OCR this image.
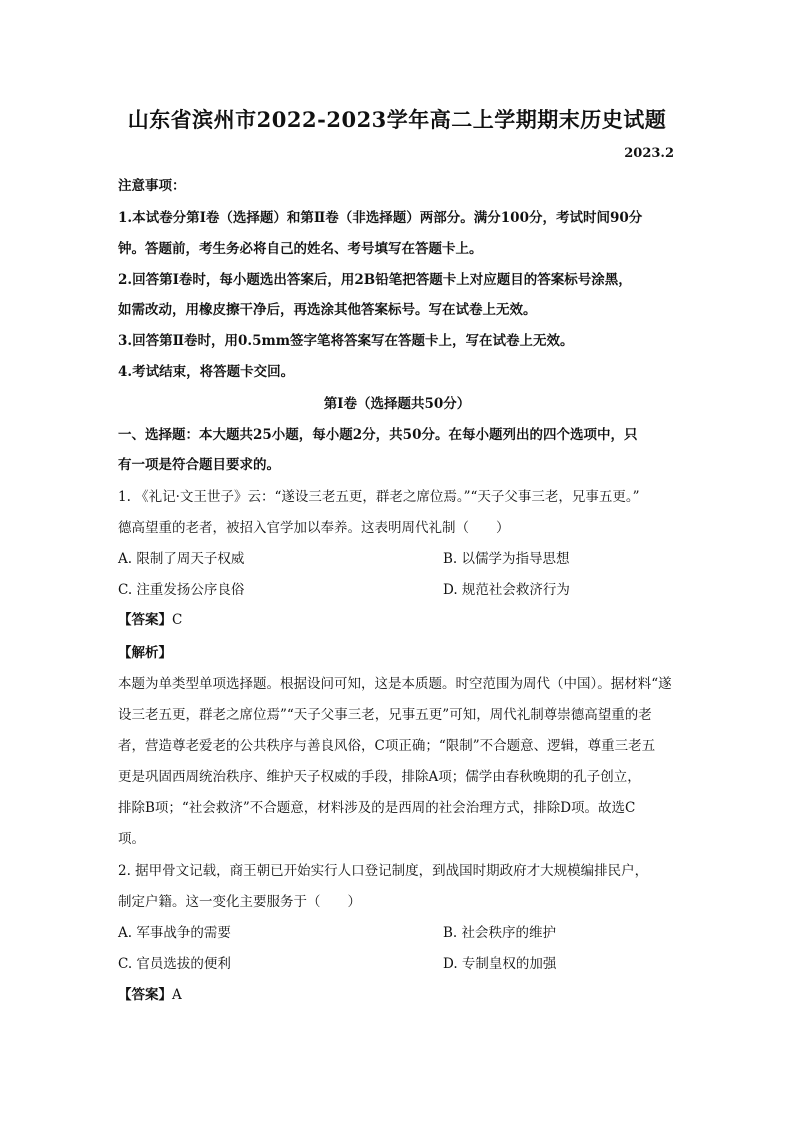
山东省滨州市2022-2023学年高二上学期期末历史试题
2023.2
注意事项：
1.本试卷分第Ⅰ卷（选择题）和第Ⅱ卷（非选择题）两部分。满分100分，考试时间90分
钟。答题前，考生务必将自己的姓名、考号填写在答题卡上。
2.回答第Ⅰ卷时，每小题选出答案后，用2B铅笔把答题卡上对应题目的答案标号涂黑，
如需改动，用橡皮擦干净后，再选涂其他答案标号。写在试卷上无效。
3.回答第Ⅱ卷时，用0.5mm签字笔将答案写在答题卡上，写在试卷上无效。
4.考试结束，将答题卡交回。
第Ⅰ卷（选择题共50分）
一、选择题：本大题共25小题，每小题2分，共50分。在每小题列出的四个选项中，只
有一项是符合题目要求的。
1. 《礼记·文王世子》云：“遂设三老五更，群老之席位焉。”“天子父事三老，兄事五更。”
德高望重的老者，被招入官学加以奉养。这表明周代礼制（　　）
A. 限制了周天子权威	B. 以儒学为指导思想
C. 注重发扬公序良俗	D. 规范社会救济行为
【答案】C
【解析】
本题为单类型单项选择题。根据设问可知，这是本质题。时空范围为周代（中国）。据材料“遂
设三老五更，群老之席位焉”“天子父事三老，兄事五更”可知，周代礼制尊崇德高望重的老
者，营造尊老爱老的公共秩序与善良风俗，C项正确；“限制”不合题意、逻辑，尊重三老五
更是巩固西周统治秩序、维护天子权威的手段，排除A项；儒学由春秋晚期的孔子创立，
排除B项；“社会救济”不合题意，材料涉及的是西周的社会治理方式，排除D项。故选C
项。
2. 据甲骨文记载，商王朝已开始实行人口登记制度，到战国时期政府才大规模编排民户，
制定户籍。这一变化主要服务于（　　）
A. 军事战争的需要	B. 社会秩序的维护
C. 官员选拔的便利	D. 专制皇权的加强
【答案】A
